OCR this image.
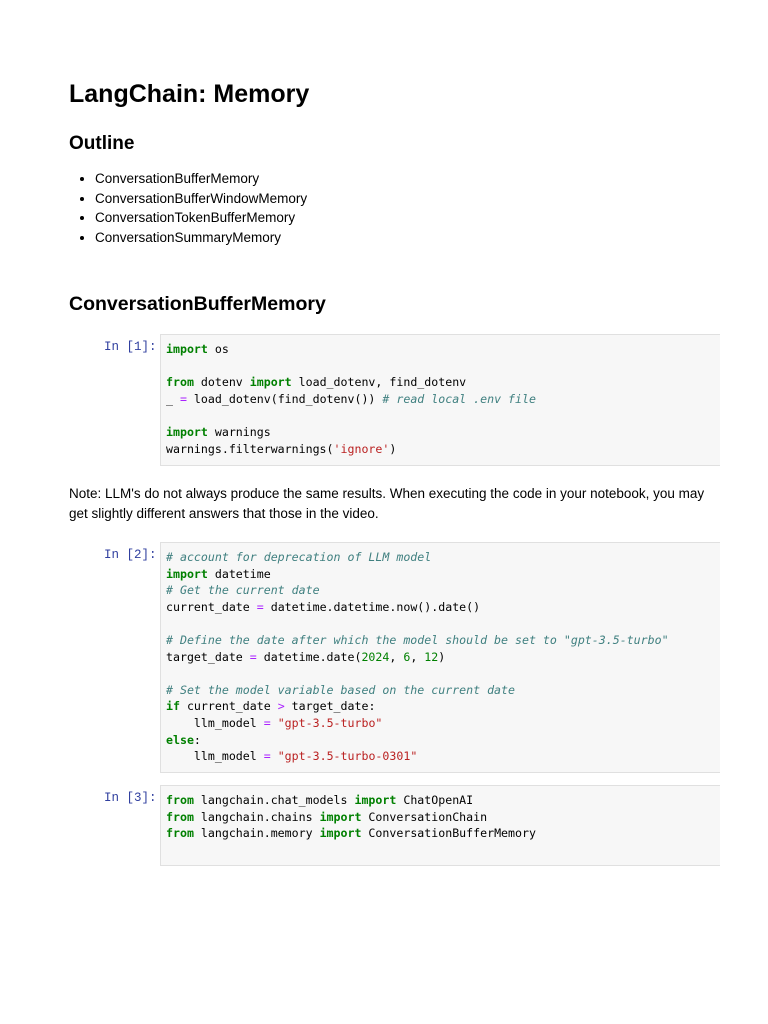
LangChain: Memory
Outline
• ConversationBufferMemory
• ConversationBufferWindowMemory
• ConversationTokenBufferMemory
• ConversationSummaryMemory
ConversationBufferMemory
In [1]: import os

from dotenv import load_dotenv, find_dotenv
_ = load_dotenv(find_dotenv()) # read local .env file

import warnings
warnings.filterwarnings('ignore')

Note: LLM's do not always produce the same results. When executing the code in your notebook, you may get slightly different answers that those in the video.

In [2]: # account for deprecation of LLM model
import datetime
# Get the current date
current_date = datetime.datetime.now().date()

# Define the date after which the model should be set to "gpt-3.5-turbo"
target_date = datetime.date(2024, 6, 12)

# Set the model variable based on the current date
if current_date > target_date:
llm_model = "gpt-3.5-turbo"
else:
llm_model = "gpt-3.5-turbo-0301"
In [3]: from langchain.chat_models import ChatOpenAI
from langchain.chains import ConversationChain
from langchain.memory import ConversationBufferMemory
